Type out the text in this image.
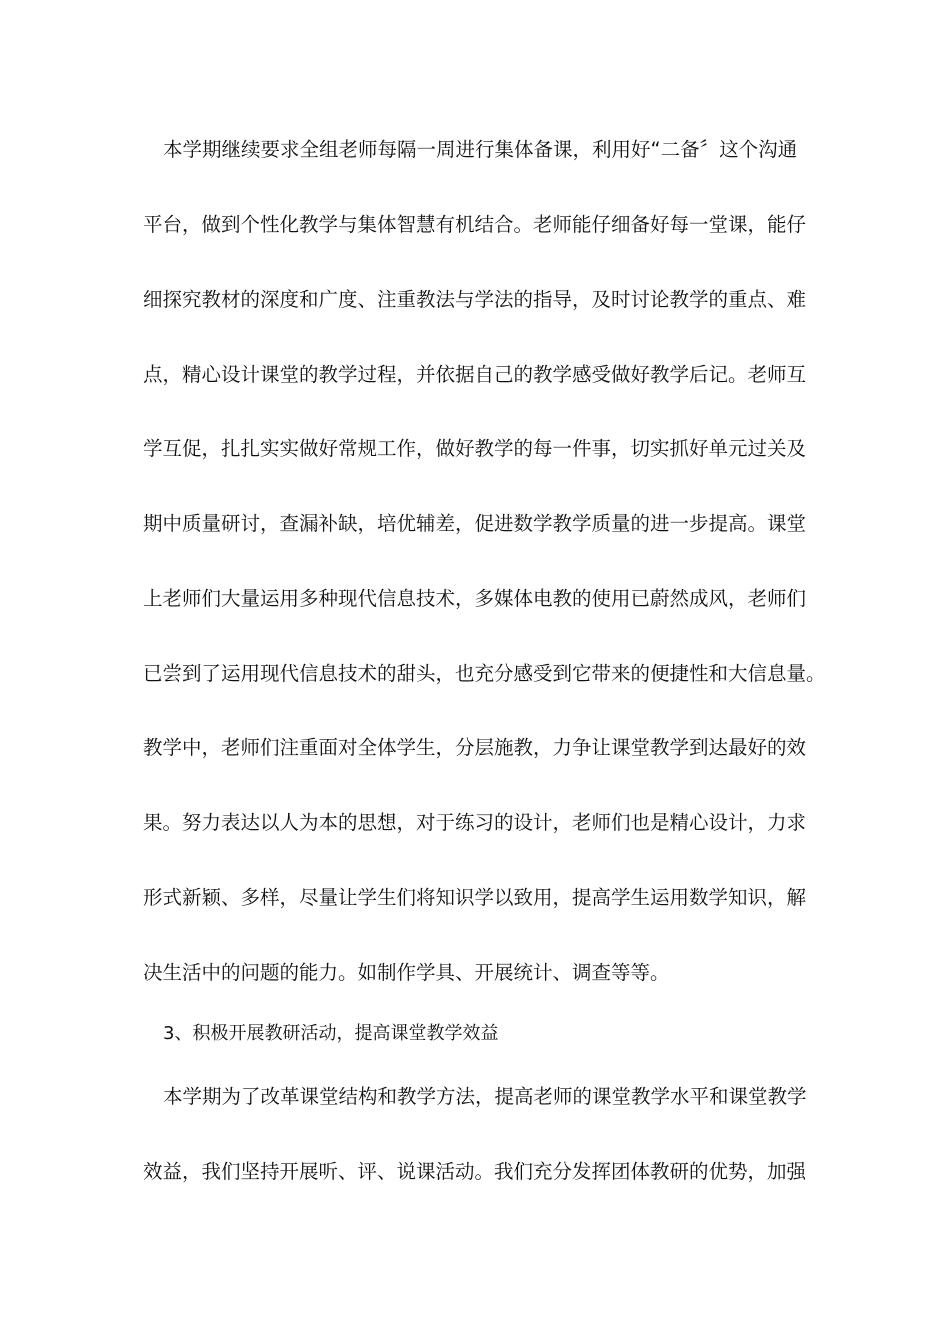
本学期继续要求全组老师每隔一周进行集体备课，利用好“二备〞这个沟通
平台，做到个性化教学与集体智慧有机结合。老师能仔细备好每一堂课，能仔
细探究教材的深度和广度、注重教法与学法的指导，及时讨论教学的重点、难
点，精心设计课堂的教学过程，并依据自己的教学感受做好教学后记。老师互
学互促，扎扎实实做好常规工作，做好教学的每一件事，切实抓好单元过关及
期中质量研讨，查漏补缺，培优辅差，促进数学教学质量的进一步提高。课堂
上老师们大量运用多种现代信息技术，多媒体电教的使用已蔚然成风，老师们
已尝到了运用现代信息技术的甜头，也充分感受到它带来的便捷性和大信息量。
教学中，老师们注重面对全体学生，分层施教，力争让课堂教学到达最好的效
果。努力表达以人为本的思想，对于练习的设计，老师们也是精心设计，力求
形式新颖、多样，尽量让学生们将知识学以致用，提高学生运用数学知识，解
决生活中的问题的能力。如制作学具、开展统计、调查等等。
3、积极开展教研活动，提高课堂教学效益
本学期为了改革课堂结构和教学方法，提高老师的课堂教学水平和课堂教学
效益，我们坚持开展听、评、说课活动。我们充分发挥团体教研的优势，加强
